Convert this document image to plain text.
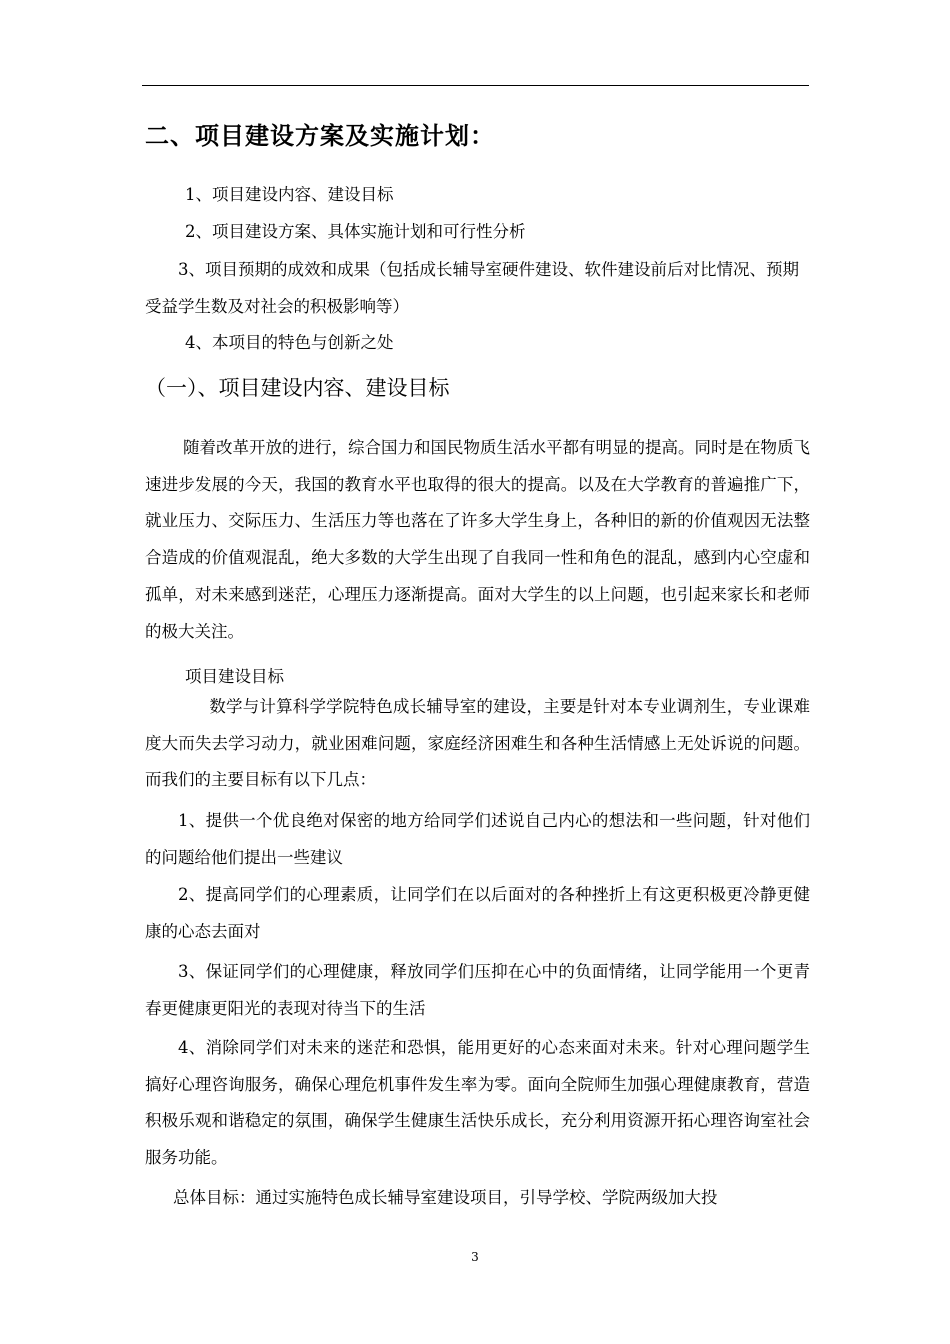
二、项目建设方案及实施计划：
1、项目建设内容、建设目标
2、项目建设方案、具体实施计划和可行性分析
3、项目预期的成效和成果（包括成长辅导室硬件建设、软件建设前后对比情况、预期受益学生数及对社会的积极影响等）
4、本项目的特色与创新之处
（一）、项目建设内容、建设目标

随着改革开放的进行，综合国力和国民物质生活水平都有明显的提高。同时是在物质飞速进步发展的今天，我国的教育水平也取得的很大的提高。以及在大学教育的普遍推广下，就业压力、交际压力、生活压力等也落在了许多大学生身上，各种旧的新的价值观因无法整合造成的价值观混乱，绝大多数的大学生出现了自我同一性和角色的混乱，感到内心空虚和孤单，对未来感到迷茫，心理压力逐渐提高。面对大学生的以上问题，也引起来家长和老师的极大关注。

项目建设目标

数学与计算科学学院特色成长辅导室的建设，主要是针对本专业调剂生，专业课难度大而失去学习动力，就业困难问题，家庭经济困难生和各种生活情感上无处诉说的问题。而我们的主要目标有以下几点：

1、提供一个优良绝对保密的地方给同学们述说自己内心的想法和一些问题，针对他们的问题给他们提出一些建议

2、提高同学们的心理素质，让同学们在以后面对的各种挫折上有这更积极更冷静更健康的心态去面对

3、保证同学们的心理健康，释放同学们压抑在心中的负面情绪，让同学能用一个更青春更健康更阳光的表现对待当下的生活

4、消除同学们对未来的迷茫和恐惧，能用更好的心态来面对未来。针对心理问题学生搞好心理咨询服务，确保心理危机事件发生率为零。面向全院师生加强心理健康教育，营造积极乐观和谐稳定的氛围，确保学生健康生活快乐成长，充分利用资源开拓心理咨询室社会服务功能。

总体目标：通过实施特色成长辅导室建设项目，引导学校、学院两级加大投

3
